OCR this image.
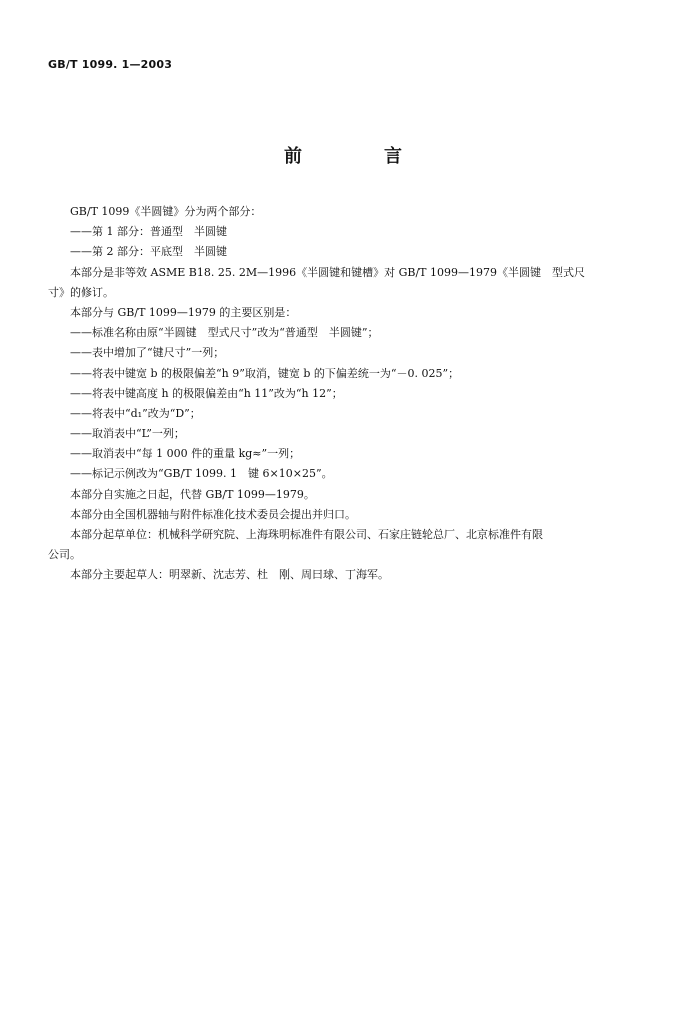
GB/T 1099. 1—2003
前　言
GB/T 1099《半圆键》分为两个部分：
——第 1 部分：普通型　半圆键
——第 2 部分：平底型　半圆键
本部分是非等效 ASME B18. 25. 2M—1996《半圆键和键槽》对 GB/T 1099—1979《半圆键　型式尺
寸》的修订。
本部分与 GB/T 1099—1979 的主要区别是：
——标准名称由原“半圆键　型式尺寸”改为“普通型　半圆键”；
——表中增加了“键尺寸”一列；
——将表中键宽 b 的极限偏差“h 9”取消，键宽 b 的下偏差统一为“－0. 025”；
——将表中键高度 h 的极限偏差由“h 11”改为“h 12”；
——将表中“d₁”改为“D”；
——取消表中“L”一列；
——取消表中“每 1 000 件的重量 kg≈”一列；
——标记示例改为“GB/T 1099. 1　键 6×10×25”。
本部分自实施之日起，代替 GB/T 1099—1979。
本部分由全国机器轴与附件标准化技术委员会提出并归口。
本部分起草单位：机械科学研究院、上海珠明标准件有限公司、石家庄链轮总厂、北京标准件有限
公司。
本部分主要起草人：明翠新、沈志芳、杜　刚、周曰球、丁海军。
